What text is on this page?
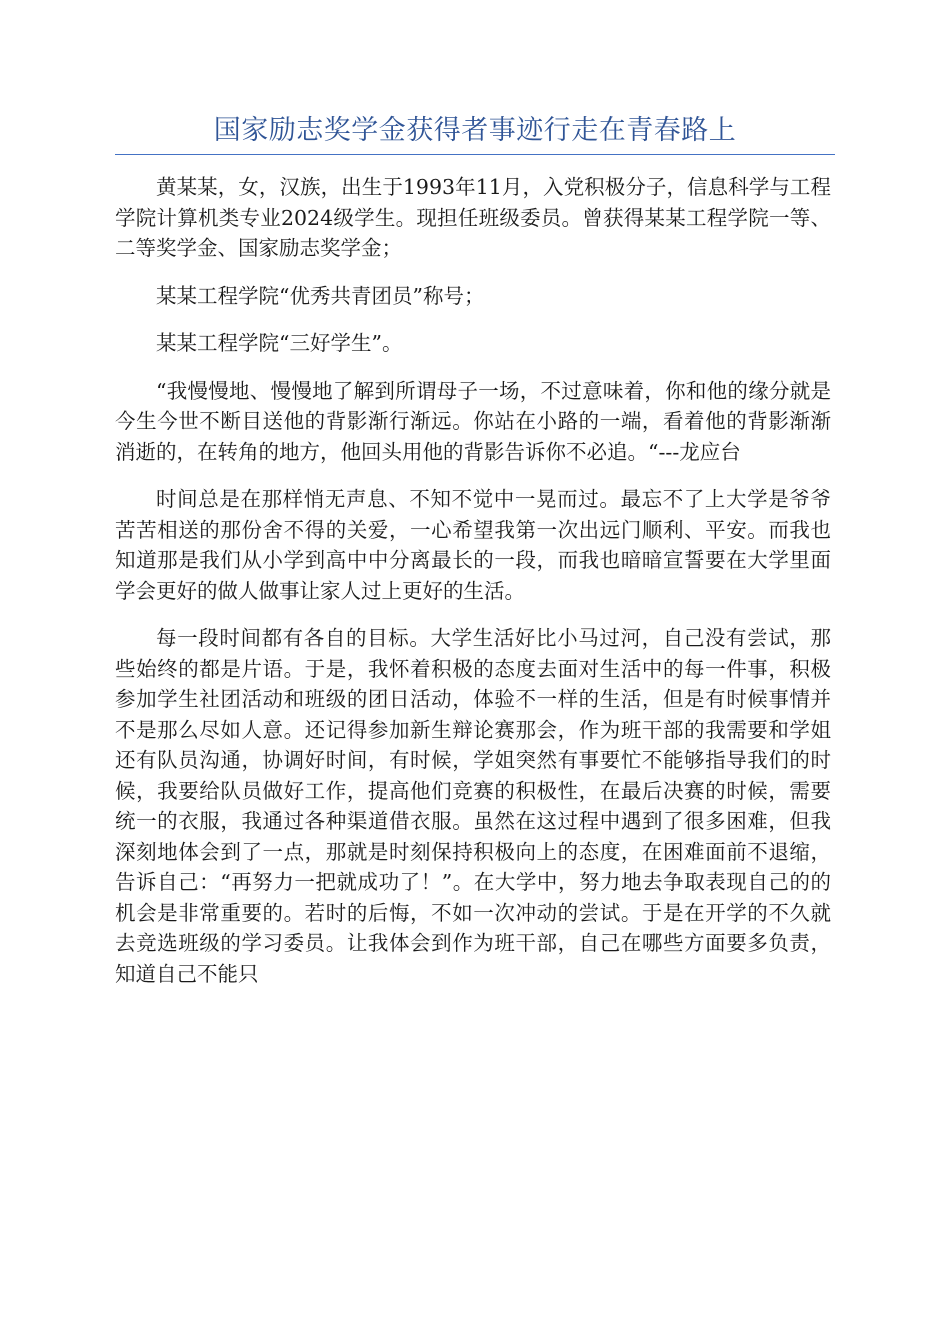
国家励志奖学金获得者事迹行走在青春路上

黄某某，女，汉族，出生于1993年11月，入党积极分子，信息科学与工程学院计算机类专业2024级学生。现担任班级委员。曾获得某某工程学院一等、二等奖学金、国家励志奖学金；

某某工程学院“优秀共青团员”称号；

某某工程学院“三好学生”。

“我慢慢地、慢慢地了解到所谓母子一场，不过意味着，你和他的缘分就是今生今世不断目送他的背影渐行渐远。你站在小路的一端，看着他的背影渐渐消逝的，在转角的地方，他回头用他的背影告诉你不必追。“---龙应台

时间总是在那样悄无声息、不知不觉中一晃而过。最忘不了上大学是爷爷苦苦相送的那份舍不得的关爱，一心希望我第一次出远门顺利、平安。而我也知道那是我们从小学到高中中分离最长的一段，而我也暗暗宣誓要在大学里面学会更好的做人做事让家人过上更好的生活。

每一段时间都有各自的目标。大学生活好比小马过河，自己没有尝试，那些始终的都是片语。于是，我怀着积极的态度去面对生活中的每一件事，积极参加学生社团活动和班级的团日活动，体验不一样的生活，但是有时候事情并不是那么尽如人意。还记得参加新生辩论赛那会，作为班干部的我需要和学姐还有队员沟通，协调好时间，有时候，学姐突然有事要忙不能够指导我们的时候，我要给队员做好工作，提高他们竞赛的积极性，在最后决赛的时候，需要统一的衣服，我通过各种渠道借衣服。虽然在这过程中遇到了很多困难，但我深刻地体会到了一点，那就是时刻保持积极向上的态度，在困难面前不退缩，告诉自己：“再努力一把就成功了！”。在大学中，努力地去争取表现自己的的机会是非常重要的。若时的后悔，不如一次冲动的尝试。于是在开学的不久就去竞选班级的学习委员。让我体会到作为班干部，自己在哪些方面要多负责，知道自己不能只
